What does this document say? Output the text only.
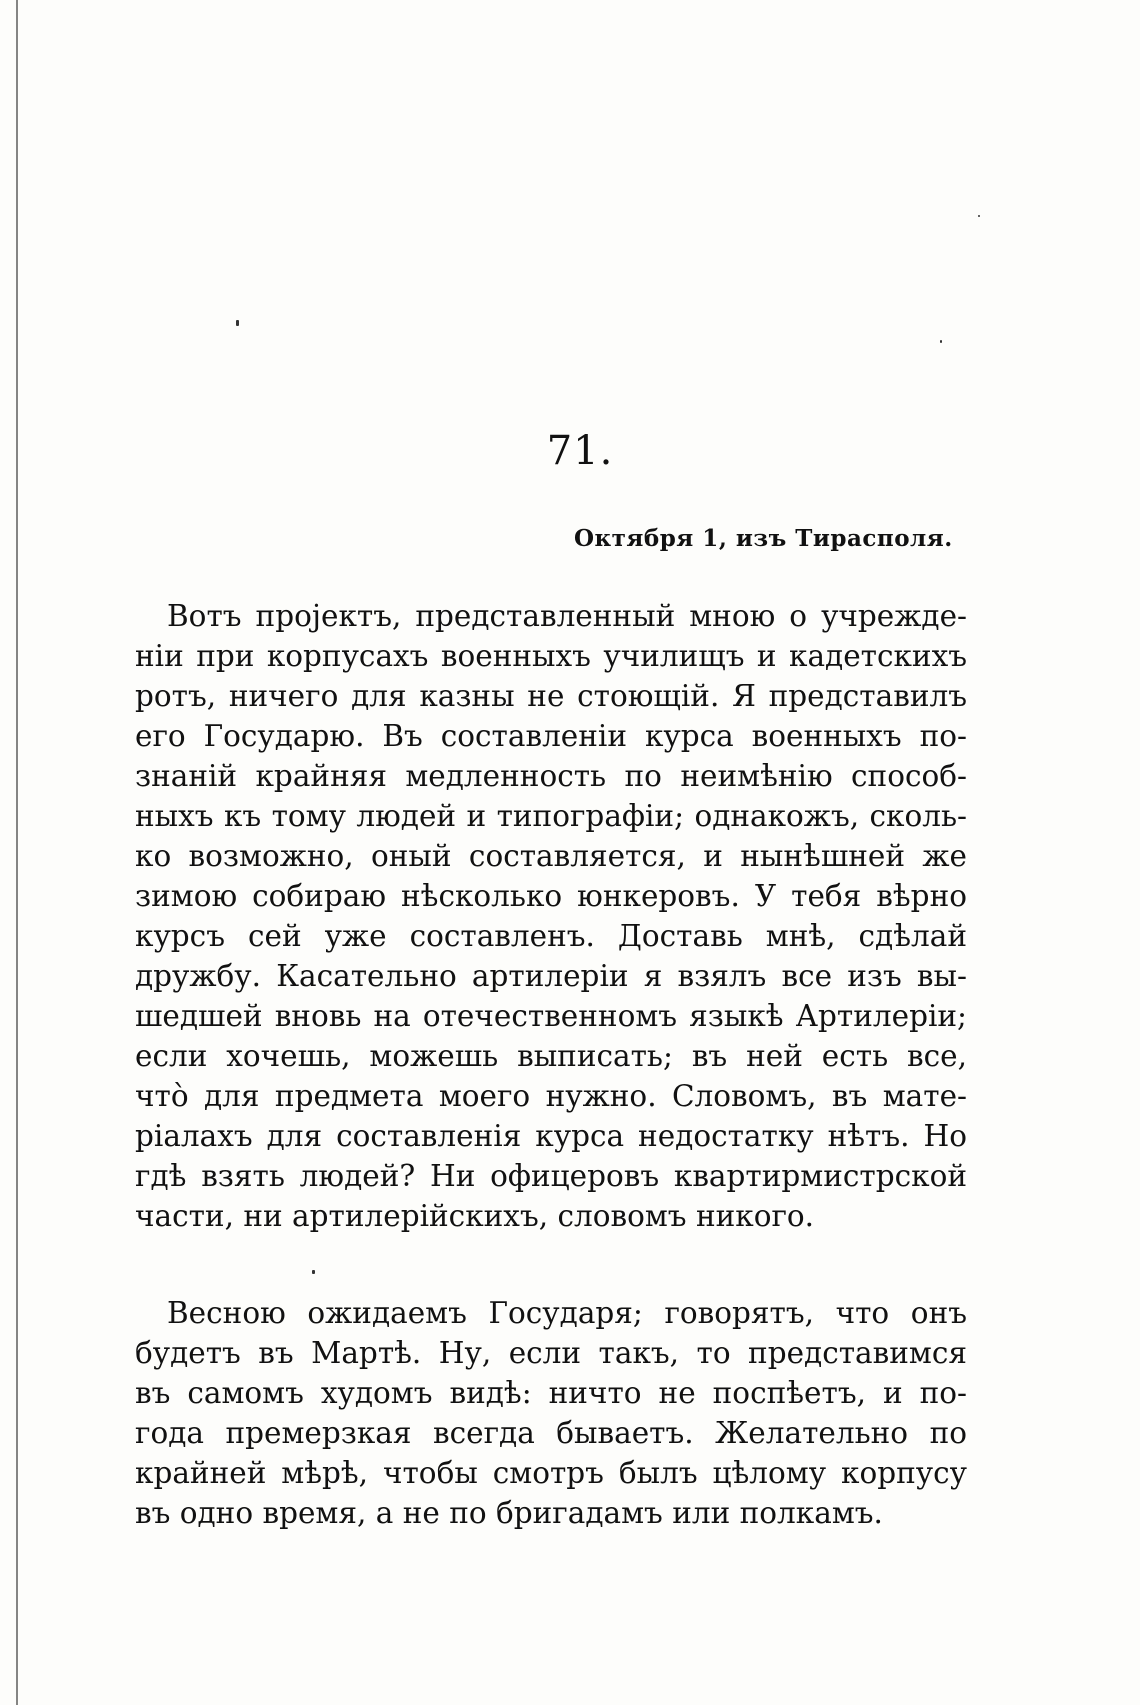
71.
Октября 1, изъ Тирасполя.
Вотъ проjектъ, представленный мною о учрежде-
нiи при корпусахъ военныхъ училищъ и кадетскихъ
ротъ, ничего для казны не стоющiй. Я представилъ
его Государю. Въ составленiи курса военныхъ по-
знанiй крайняя медленность по неимѣнiю способ-
ныхъ къ тому людей и типографiи; однакожъ, сколь-
ко возможно, оный составляется, и нынѣшней же
зимою собираю нѣсколько юнкеровъ. У тебя вѣрно
курсъ сей уже составленъ. Доставь мнѣ, сдѣлай
дружбу. Касательно артилерiи я взялъ все изъ вы-
шедшей вновь на отечественномъ языкѣ Артилерiи;
если хочешь, можешь выписать; въ ней есть все,
что̀ для предмета моего нужно. Словомъ, въ мате-
рiалахъ для составленiя курса недостатку нѣтъ. Но
гдѣ взять людей? Ни офицеровъ квартирмистрской
части, ни артилерiйскихъ, словомъ никого.
Весною ожидаемъ Государя; говорятъ, что онъ
будетъ въ Мартѣ. Ну, если такъ, то представимся
въ самомъ худомъ видѣ: ничто не поспѣетъ, и по-
года премерзкая всегда бываетъ. Желательно по
крайней мѣрѣ, чтобы смотръ былъ цѣлому корпусу
въ одно время, а не по бригадамъ или полкамъ.
